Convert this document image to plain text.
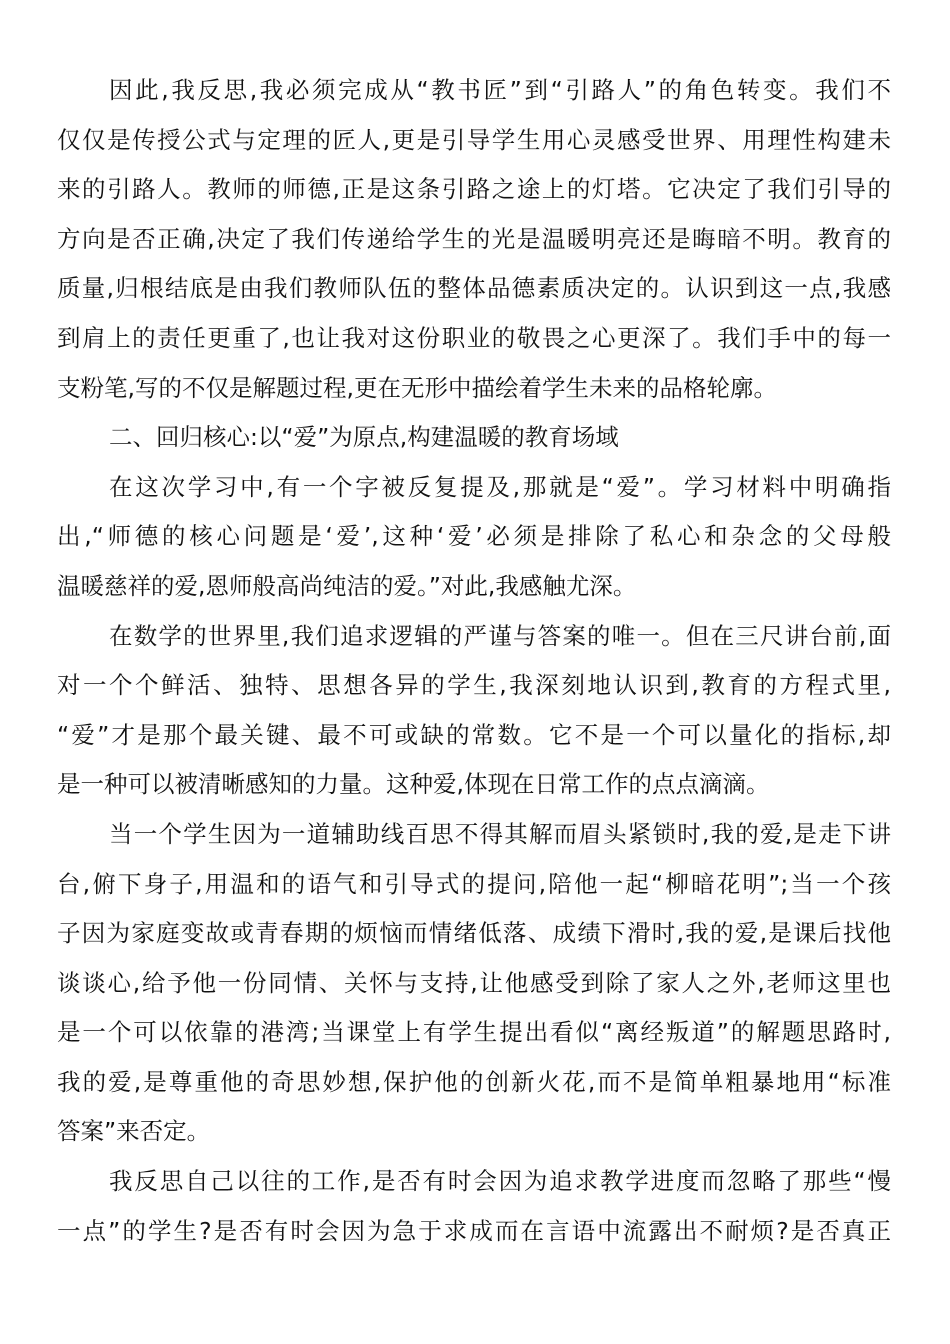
因此,我反思,我必须完成从“教书匠”到“引路人”的角色转变。我们不
仅仅是传授公式与定理的匠人,更是引导学生用心灵感受世界、用理性构建未
来的引路人。教师的师德,正是这条引路之途上的灯塔。它决定了我们引导的
方向是否正确,决定了我们传递给学生的光是温暖明亮还是晦暗不明。教育的
质量,归根结底是由我们教师队伍的整体品德素质决定的。认识到这一点,我感
到肩上的责任更重了,也让我对这份职业的敬畏之心更深了。我们手中的每一
支粉笔,写的不仅是解题过程,更在无形中描绘着学生未来的品格轮廓。
二、回归核心:以“爱”为原点,构建温暖的教育场域
在这次学习中,有一个字被反复提及,那就是“爱”。学习材料中明确指
出,“师德的核心问题是‘爱’,这种‘爱’必须是排除了私心和杂念的父母般
温暖慈祥的爱,恩师般高尚纯洁的爱。”对此,我感触尤深。
在数学的世界里,我们追求逻辑的严谨与答案的唯一。但在三尺讲台前,面
对一个个鲜活、独特、思想各异的学生,我深刻地认识到,教育的方程式里,
“爱”才是那个最关键、最不可或缺的常数。它不是一个可以量化的指标,却
是一种可以被清晰感知的力量。这种爱,体现在日常工作的点点滴滴。
当一个学生因为一道辅助线百思不得其解而眉头紧锁时,我的爱,是走下讲
台,俯下身子,用温和的语气和引导式的提问,陪他一起“柳暗花明”;当一个孩
子因为家庭变故或青春期的烦恼而情绪低落、成绩下滑时,我的爱,是课后找他
谈谈心,给予他一份同情、关怀与支持,让他感受到除了家人之外,老师这里也
是一个可以依靠的港湾;当课堂上有学生提出看似“离经叛道”的解题思路时,
我的爱,是尊重他的奇思妙想,保护他的创新火花,而不是简单粗暴地用“标准
答案”来否定。
我反思自己以往的工作,是否有时会因为追求教学进度而忽略了那些“慢
一点”的学生?是否有时会因为急于求成而在言语中流露出不耐烦?是否真正
